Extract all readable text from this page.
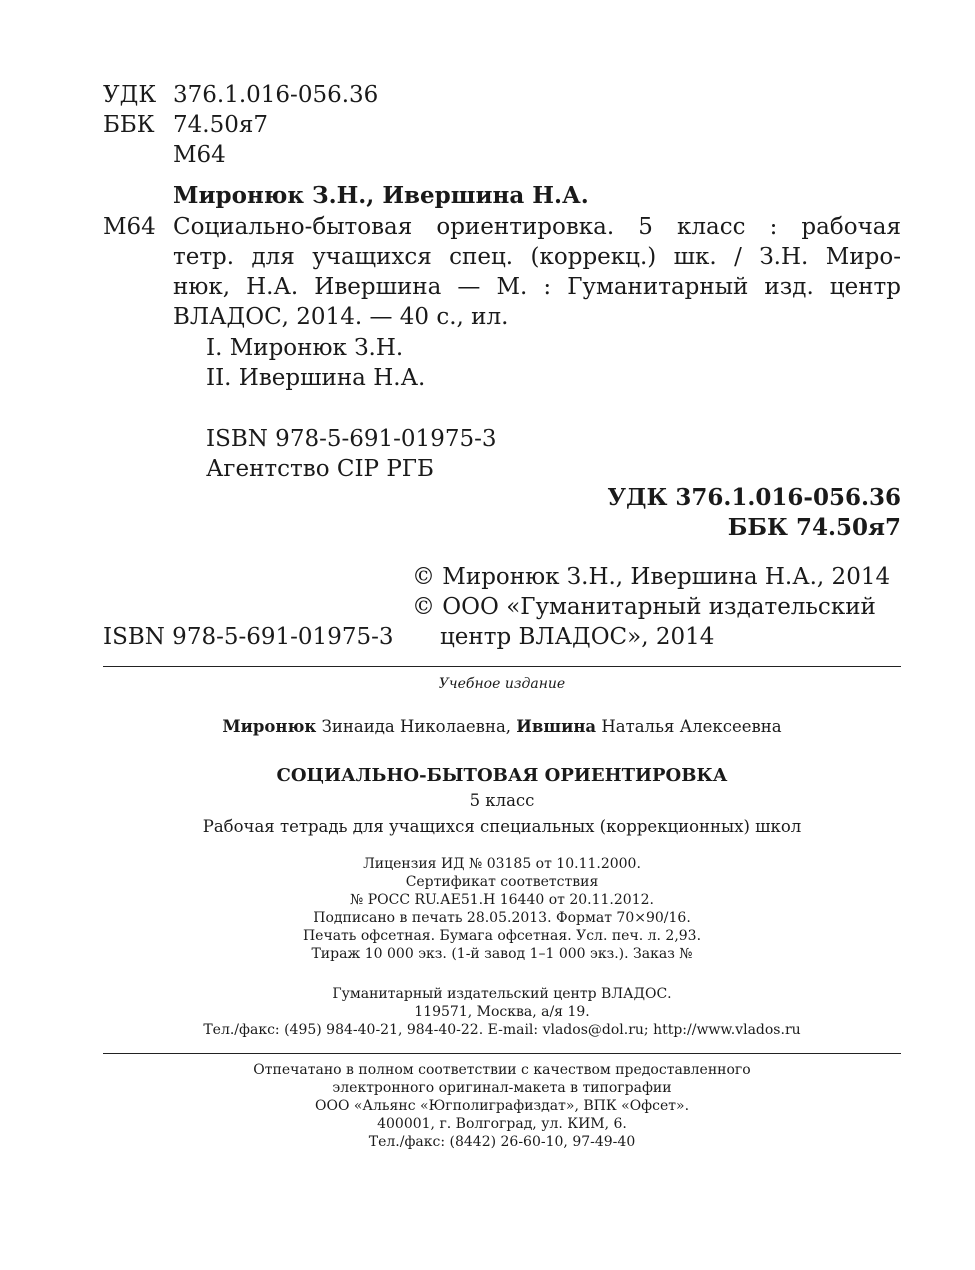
УДК 376.1.016-056.36
ББК 74.50я7
М64
Миронюк З.Н., Ивершина Н.А.
М64 Социально-бытовая ориентировка. 5 класс : рабочая
тетр. для учащихся спец. (коррекц.) шк. / З.Н. Миро-
нюк, Н.А. Ивершина — М. : Гуманитарный изд. центр
ВЛАДОС, 2014. — 40 с., ил.
I. Миронюк З.Н.
II. Ивершина Н.А.
ISBN 978-5-691-01975-3
Агентство CIP РГБ
УДК 376.1.016-056.36
ББК 74.50я7
© Миронюк З.Н., Ивершина Н.А., 2014
© ООО «Гуманитарный издательский
центр ВЛАДОС», 2014
ISBN 978-5-691-01975-3
Учебное издание
Миронюк Зинаида Николаевна, Ившина Наталья Алексеевна
СОЦИАЛЬНО-БЫТОВАЯ ОРИЕНТИРОВКА
5 класс
Рабочая тетрадь для учащихся специальных (коррекционных) школ
Лицензия ИД № 03185 от 10.11.2000.
Сертификат соответствия
№ РОСС RU.АЕ51.Н 16440 от 20.11.2012.
Подписано в печать 28.05.2013. Формат 70×90/16.
Печать офсетная. Бумага офсетная. Усл. печ. л. 2,93.
Тираж 10 000 экз. (1-й завод 1–1 000 экз.). Заказ №
Гуманитарный издательский центр ВЛАДОС.
119571, Москва, а/я 19.
Тел./факс: (495) 984-40-21, 984-40-22. E-mail: vlados@dol.ru; http://www.vlados.ru
Отпечатано в полном соответствии с качеством предоставленного
электронного оригинал-макета в типографии
ООО «Альянс «Югполиграфиздат», ВПК «Офсет».
400001, г. Волгоград, ул. КИМ, 6.
Тел./факс: (8442) 26-60-10, 97-49-40
